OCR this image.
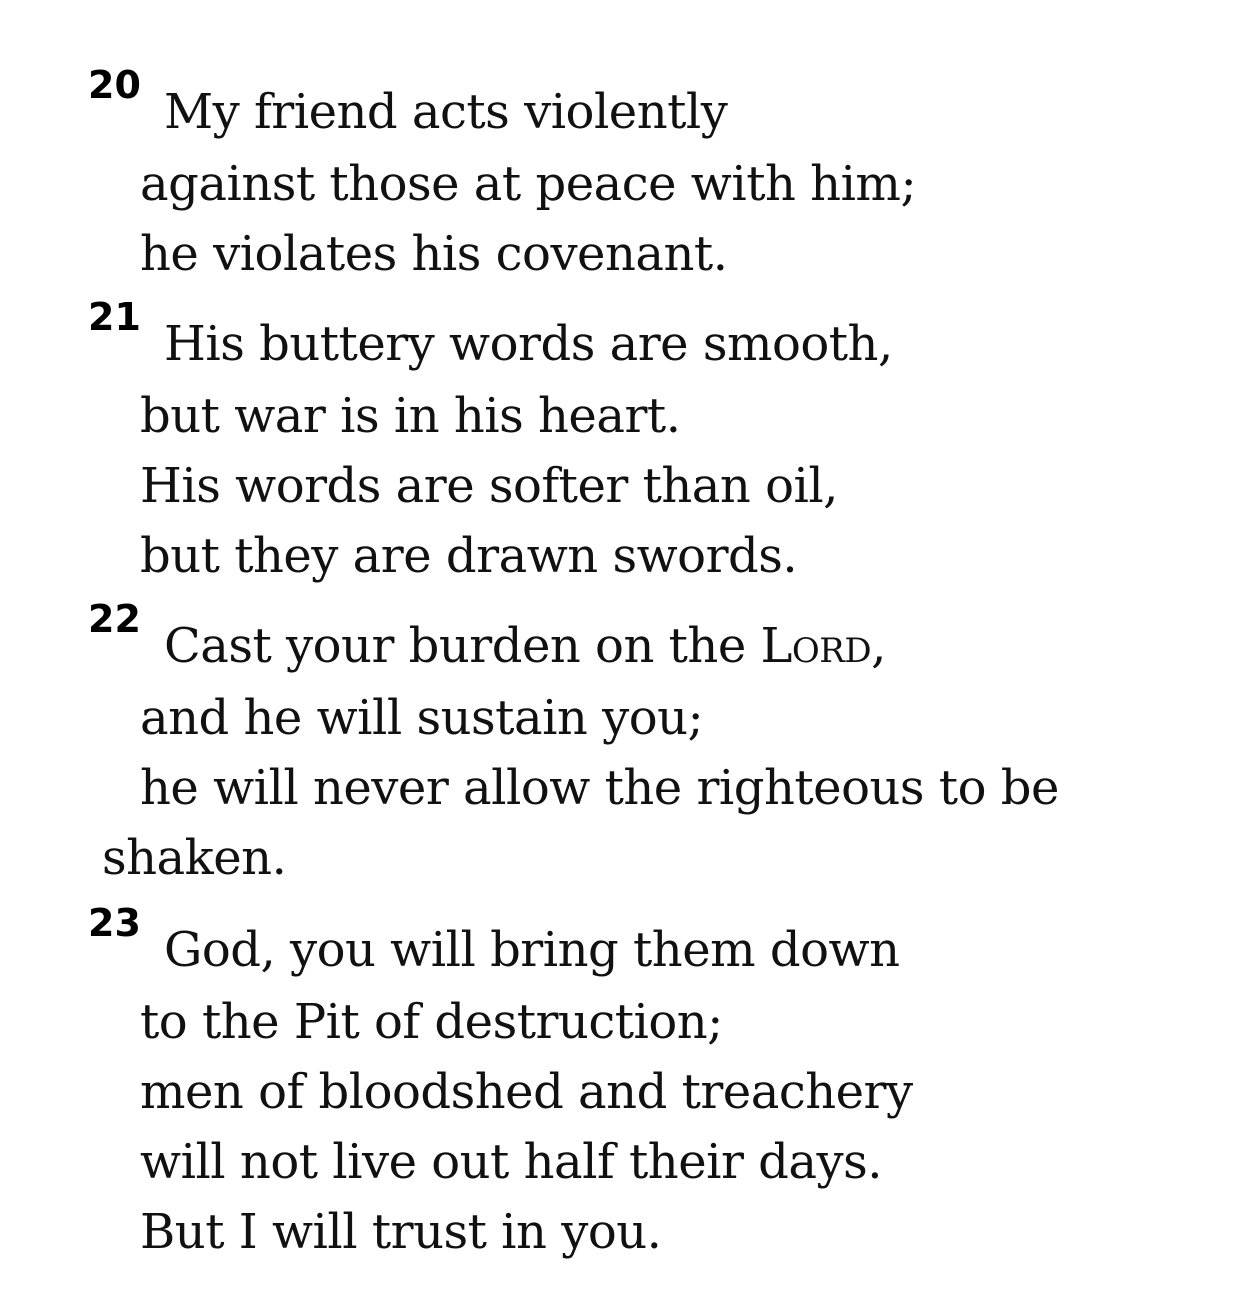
20 My friend acts violently
against those at peace with him;
he violates his covenant.
21 His buttery words are smooth,
but war is in his heart.
His words are softer than oil,
but they are drawn swords.
22 Cast your burden on the Lord,
and he will sustain you;
he will never allow the righteous to be
shaken.
23 God, you will bring them down
to the Pit of destruction;
men of bloodshed and treachery
will not live out half their days.
But I will trust in you.
